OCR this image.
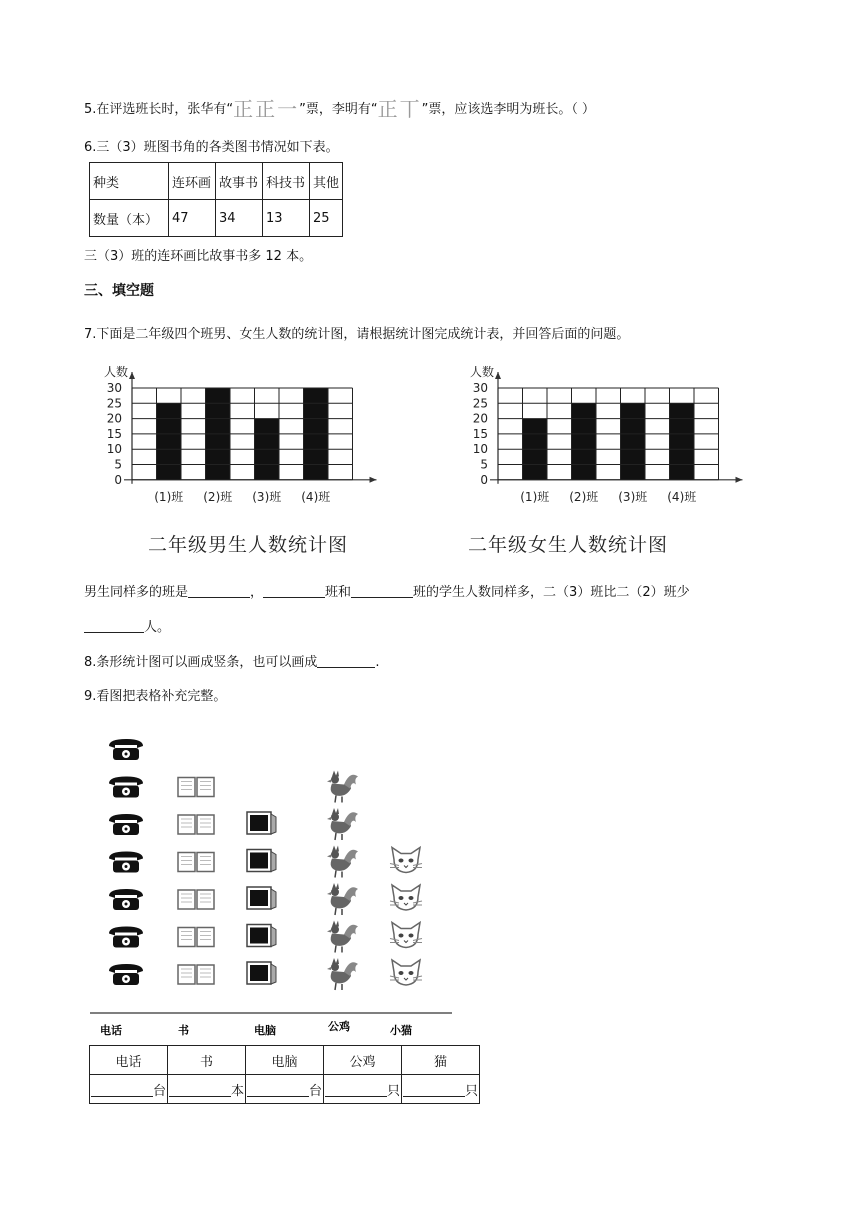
5.在评选班长时，张华有“正正一”票，李明有“正丅”票，应该选李明为班长。（ ）
6.三（3）班图书角的各类图书情况如下表。
种类	连环画	故事书	科技书	其他
数量（本）	47	34	13	25
三（3）班的连环画比故事书多 12 本。
三、填空题
7.下面是二年级四个班男、女生人数的统计图，请根据统计图完成统计表，并回答后面的问题。
30
25
20
15
10
5
0
人数
(1)班 (2)班 (3)班 (4)班
30
25
20
15
10
5
0
人数
(1)班 (2)班 (3)班 (4)班
二年级男生人数统计图	二年级女生人数统计图
男生同样多的班是	，	班和	班的学生人数同样多，二（3）班比二（2）班少
人。
8.条形统计图可以画成竖条，也可以画成	.
9.看图把表格补充完整。
电话	书	电脑	公鸡	小猫
电话	书	电脑	公鸡	猫
台	本	台	只	只
